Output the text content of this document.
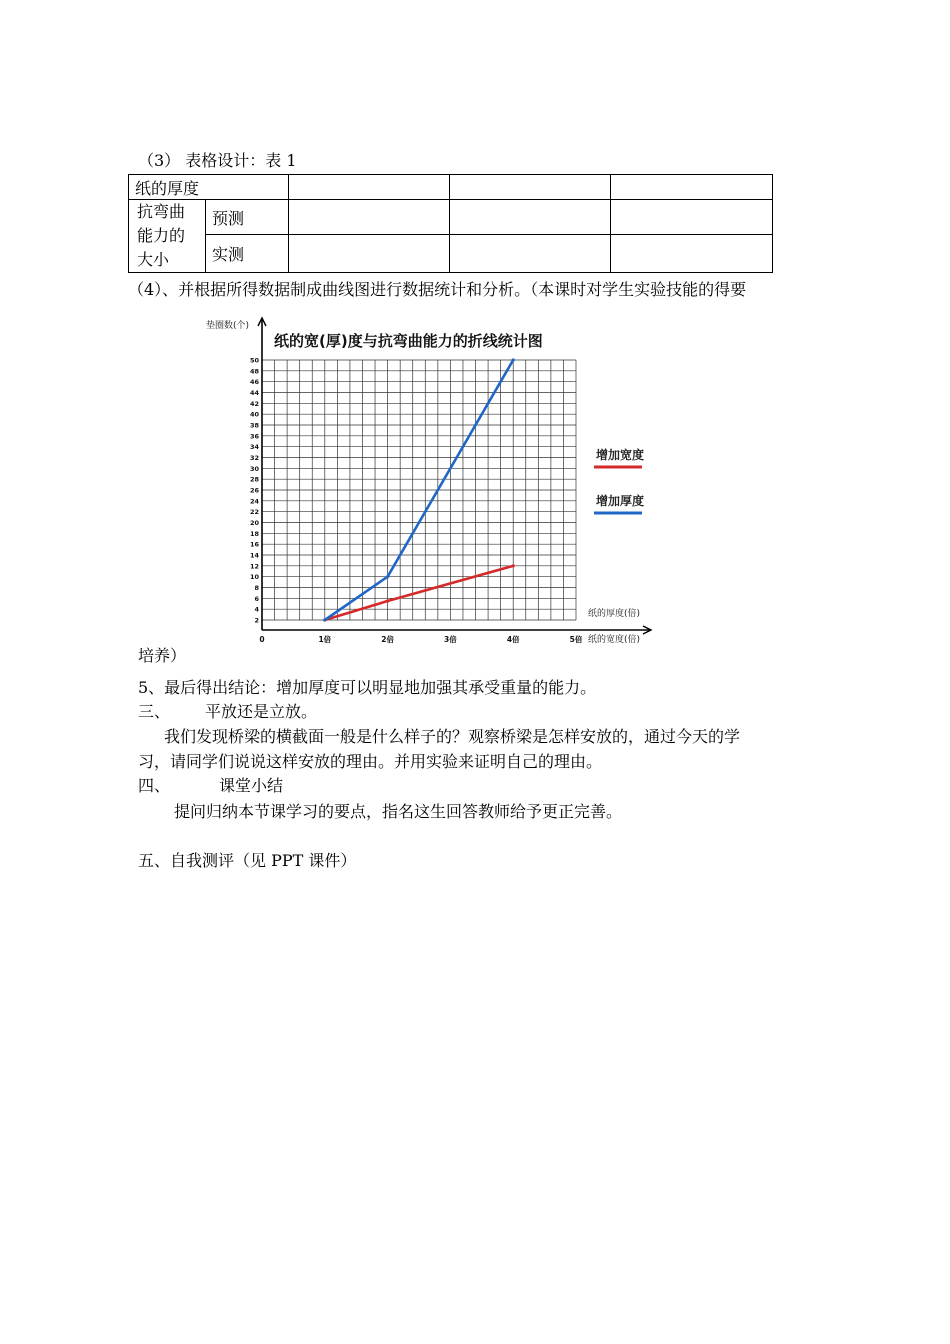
（3） 表格设计：表 1
纸的厚度				
抗弯曲能力的大小	预测			
	实测			
（4）、并根据所得数据制成曲线图进行数据统计和分析。（本课时对学生实验技能的得要
2
4
6
8
10
12
14
16
18
20
22
24
26
28
30
32
34
36
38
40
42
44
46
48
50
0	1倍	2倍	3倍	4倍	5倍
纸的宽(厚)度与抗弯曲能力的折线统计图
垫圈数(个)
纸的厚度(倍)
纸的宽度(倍)
增加宽度
增加厚度
培养）
5、最后得出结论：增加厚度可以明显地加强其承受重量的能力。
三、 平放还是立放。
我们发现桥梁的横截面一般是什么样子的？观察桥梁是怎样安放的，通过今天的学
习，请同学们说说这样安放的理由。并用实验来证明自己的理由。
四、	课堂小结
提问归纳本节课学习的要点，指名这生回答教师给予更正完善。
五、自我测评（见 PPT 课件）
